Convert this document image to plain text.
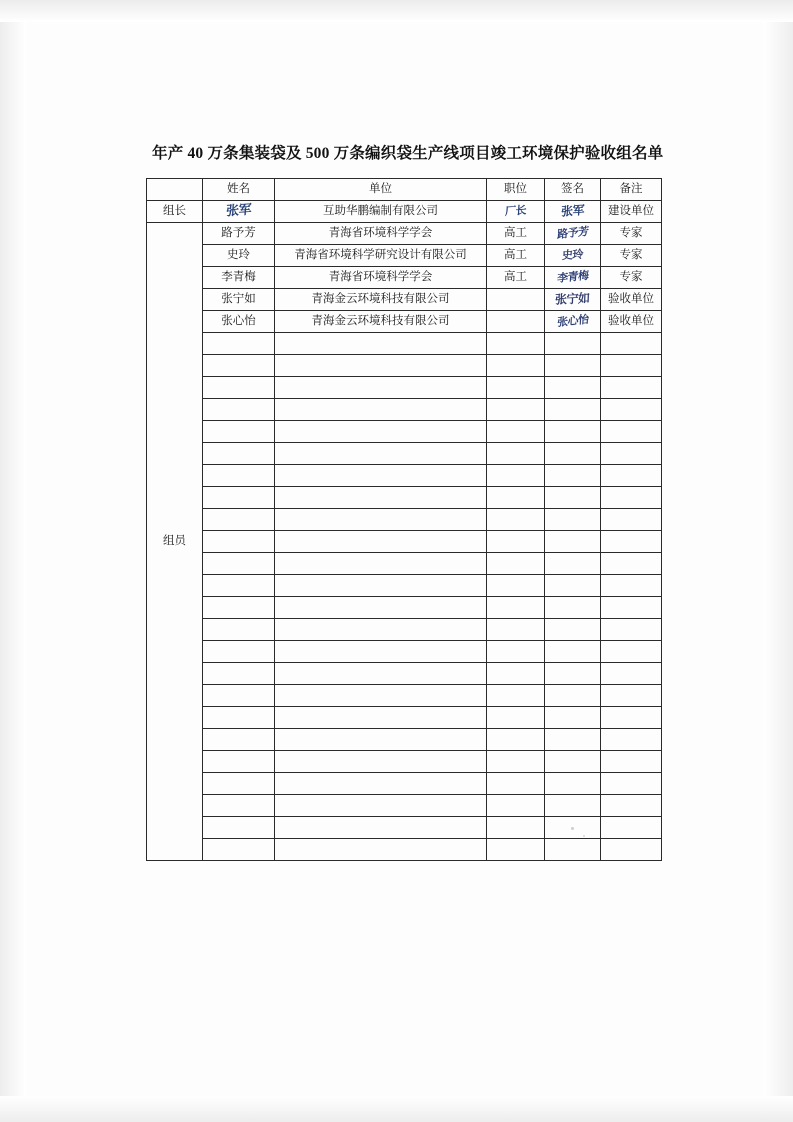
年产 40 万条集装袋及 500 万条编织袋生产线项目竣工环境保护验收组名单
	姓名	单位	职位	签名	备注
组长	张军	互助华鹏编制有限公司	厂长	张军	建设单位
组员	路予芳	青海省环境科学学会	高工	路予芳	专家
	史玲	青海省环境科学研究设计有限公司	高工	史玲	专家
	李青梅	青海省环境科学学会	高工	李青梅	专家
	张宁如	青海金云环境科技有限公司		张宁如	验收单位
	张心怡	青海金云环境科技有限公司		张心怡	验收单位
